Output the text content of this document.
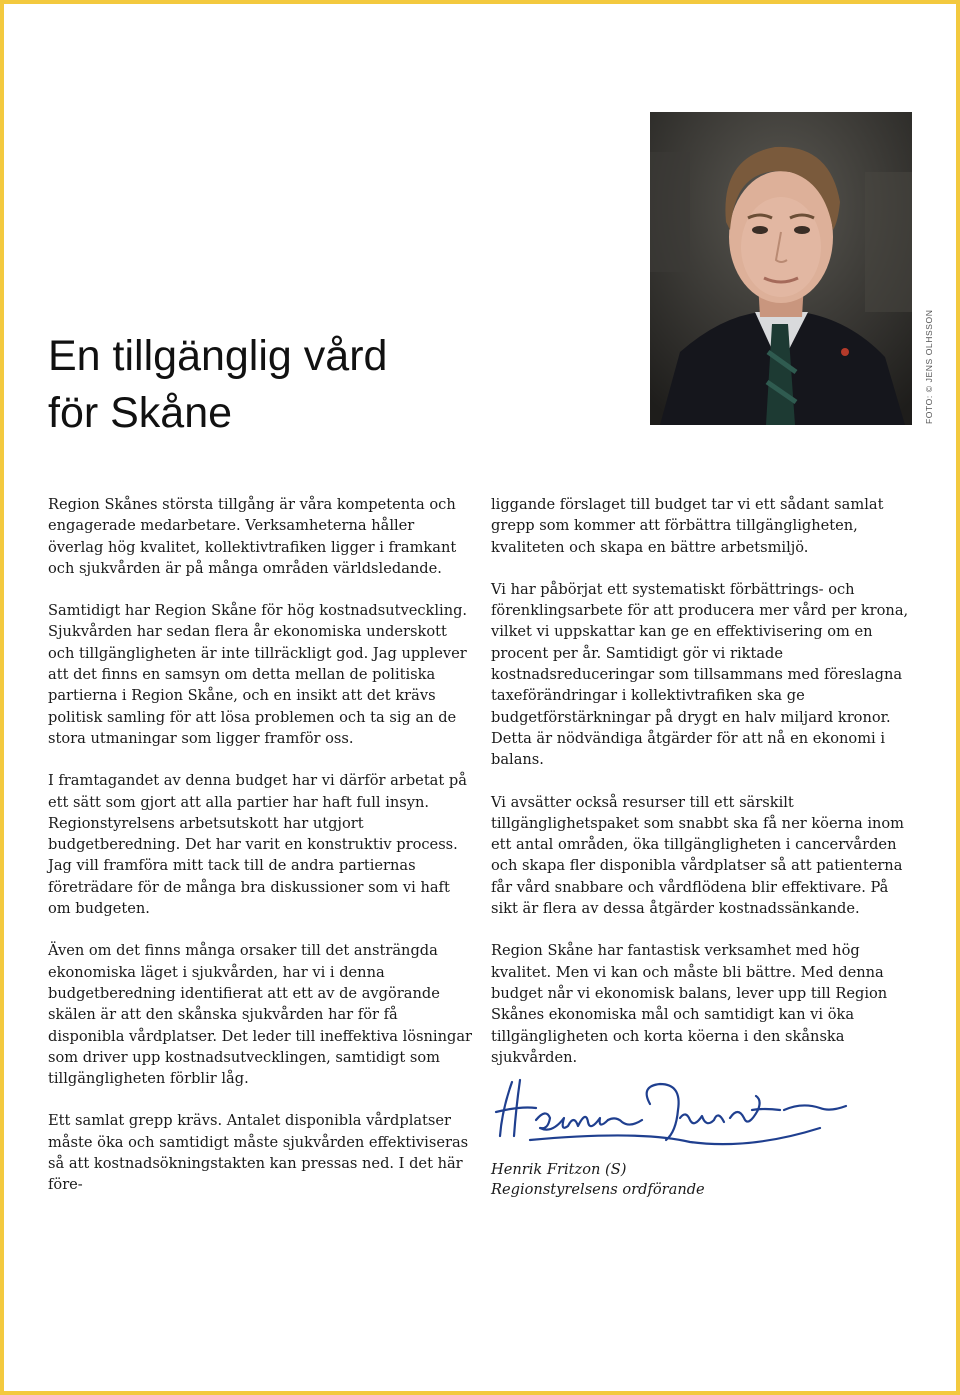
En tillgänglig vård
för Skåne	FOTO: © JENS OLHSSON

Region Skånes största tillgång är våra kompetenta och engagerade medarbetare. Verksamheterna håller överlag hög kvalitet, kollektivtrafiken ligger i framkant och sjukvården är på många områden världsledande.

Samtidigt har Region Skåne för hög kostnadsutveckling. Sjukvården har sedan flera år ekonomiska underskott och tillgängligheten är inte tillräckligt god. Jag upplever att det finns en samsyn om detta mellan de politiska partierna i Region Skåne, och en insikt att det krävs politisk samling för att lösa problemen och ta sig an de stora utmaningar som ligger framför oss.

I framtagandet av denna budget har vi därför arbetat på ett sätt som gjort att alla partier har haft full insyn. Regionstyrelsens arbetsutskott har utgjort budgetberedning. Det har varit en konstruktiv process. Jag vill framföra mitt tack till de andra partiernas företrädare för de många bra diskussioner som vi haft om budgeten.

Även om det finns många orsaker till det ansträngda ekonomiska läget i sjukvården, har vi i denna budgetberedning identifierat att ett av de avgörande skälen är att den skånska sjukvården har för få disponibla vårdplatser. Det leder till ineffektiva lösningar som driver upp kostnadsutvecklingen, samtidigt som tillgängligheten förblir låg.

Ett samlat grepp krävs. Antalet disponibla vårdplatser måste öka och samtidigt måste sjukvården effektiviseras så att kostnadsökningstakten kan pressas ned. I det här före-

liggande förslaget till budget tar vi ett sådant samlat grepp som kommer att förbättra tillgängligheten, kvaliteten och skapa en bättre arbetsmiljö.

Vi har påbörjat ett systematiskt förbättrings- och förenklingsarbete för att producera mer vård per krona, vilket vi uppskattar kan ge en effektivisering om en procent per år. Samtidigt gör vi riktade kostnadsreduceringar som tillsammans med föreslagna taxeförändringar i kollektivtrafiken ska ge budgetförstärkningar på drygt en halv miljard kronor. Detta är nödvändiga åtgärder för att nå en ekonomi i balans.

Vi avsätter också resurser till ett särskilt tillgänglighetspaket som snabbt ska få ner köerna inom ett antal områden, öka tillgängligheten i cancervården och skapa fler disponibla vårdplatser så att patienterna får vård snabbare och vårdflödena blir effektivare. På sikt är flera av dessa åtgärder kostnadssänkande.

Region Skåne har fantastisk verksamhet med hög kvalitet. Men vi kan och måste bli bättre. Med denna budget når vi ekonomisk balans, lever upp till Region Skånes ekonomiska mål och samtidigt kan vi öka tillgängligheten och korta köerna i den skånska sjukvården.

Henrik Fritzon (S)
Regionstyrelsens ordförande
